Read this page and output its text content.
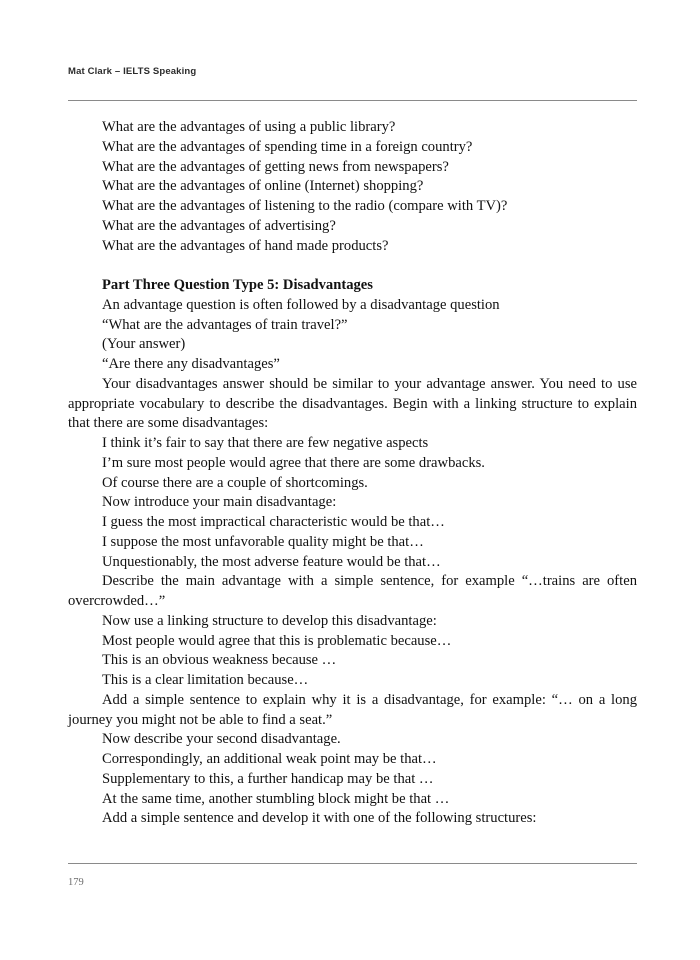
Mat Clark – IELTS Speaking
What are the advantages of using a public library?
What are the advantages of spending time in a foreign country?
What are the advantages of getting news from newspapers?
What are the advantages of online (Internet) shopping?
What are the advantages of listening to the radio (compare with TV)?
What are the advantages of advertising?
What are the advantages of hand made products?
Part Three Question Type 5: Disadvantages
An advantage question is often followed by a disadvantage question
“What are the advantages of train travel?”
(Your answer)
“Are there any disadvantages”
Your disadvantages answer should be similar to your advantage answer. You need to use appropriate vocabulary to describe the disadvantages. Begin with a linking structure to explain that there are some disadvantages:
I think it’s fair to say that there are few negative aspects
I’m sure most people would agree that there are some drawbacks.
Of course there are a couple of shortcomings.
Now introduce your main disadvantage:
I guess the most impractical characteristic would be that…
I suppose the most unfavorable quality might be that…
Unquestionably, the most adverse feature would be that…
Describe the main advantage with a simple sentence, for example “…trains are often overcrowded…”
Now use a linking structure to develop this disadvantage:
Most people would agree that this is problematic because…
This is an obvious weakness because …
This is a clear limitation because…
Add a simple sentence to explain why it is a disadvantage, for example: “… on a long journey you might not be able to find a seat.”
Now describe your second disadvantage.
Correspondingly, an additional weak point may be that…
Supplementary to this, a further handicap may be that …
At the same time, another stumbling block might be that …
Add a simple sentence and develop it with one of the following structures:
179
